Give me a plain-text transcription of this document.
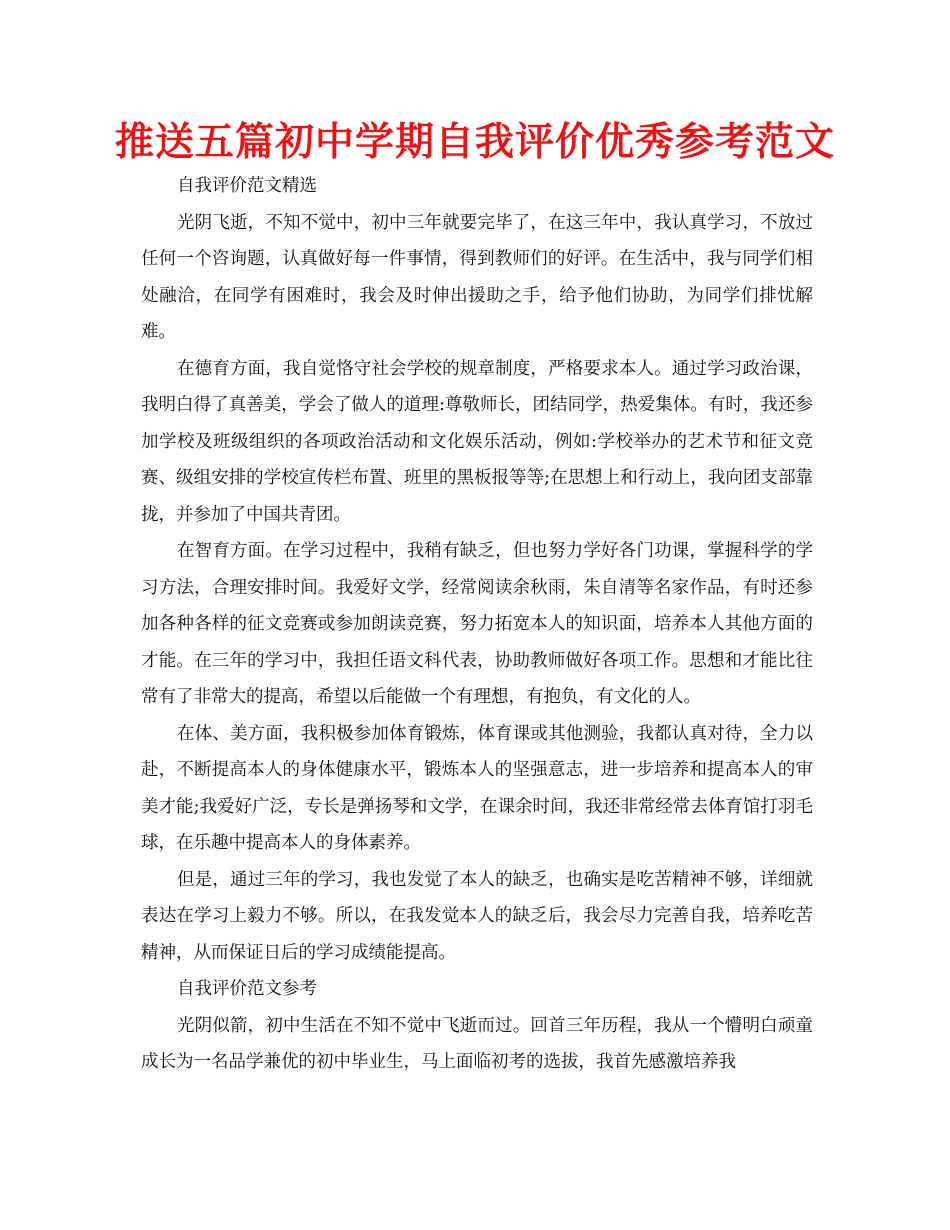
推送五篇初中学期自我评价优秀参考范文

自我评价范文精选

光阴飞逝，不知不觉中，初中三年就要完毕了，在这三年中，我认真学习，不放过任何一个咨询题，认真做好每一件事情，得到教师们的好评。在生活中，我与同学们相处融洽，在同学有困难时，我会及时伸出援助之手，给予他们协助，为同学们排忧解难。

在德育方面，我自觉恪守社会学校的规章制度，严格要求本人。通过学习政治课，我明白得了真善美，学会了做人的道理:尊敬师长，团结同学，热爱集体。有时，我还参加学校及班级组织的各项政治活动和文化娱乐活动，例如:学校举办的艺术节和征文竞赛、级组安排的学校宣传栏布置、班里的黑板报等等;在思想上和行动上，我向团支部靠拢，并参加了中国共青团。

在智育方面。在学习过程中，我稍有缺乏，但也努力学好各门功课，掌握科学的学习方法，合理安排时间。我爱好文学，经常阅读余秋雨，朱自清等名家作品，有时还参加各种各样的征文竞赛或参加朗读竞赛，努力拓宽本人的知识面，培养本人其他方面的才能。在三年的学习中，我担任语文科代表，协助教师做好各项工作。思想和才能比往常有了非常大的提高，希望以后能做一个有理想，有抱负，有文化的人。

在体、美方面，我积极参加体育锻炼，体育课或其他测验，我都认真对待，全力以赴，不断提高本人的身体健康水平，锻炼本人的坚强意志，进一步培养和提高本人的审美才能;我爱好广泛，专长是弹扬琴和文学，在课余时间，我还非常经常去体育馆打羽毛球，在乐趣中提高本人的身体素养。

但是，通过三年的学习，我也发觉了本人的缺乏，也确实是吃苦精神不够，详细就表达在学习上毅力不够。所以，在我发觉本人的缺乏后，我会尽力完善自我，培养吃苦精神，从而保证日后的学习成绩能提高。

自我评价范文参考

光阴似箭，初中生活在不知不觉中飞逝而过。回首三年历程，我从一个懵明白顽童成长为一名品学兼优的初中毕业生，马上面临初考的选拔，我首先感激培养我
